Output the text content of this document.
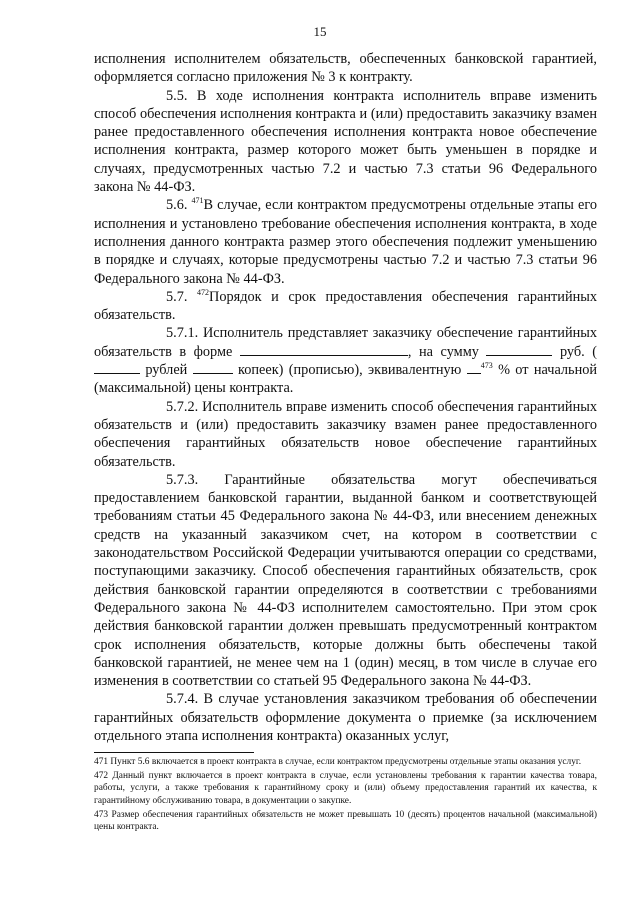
15

исполнения исполнителем обязательств, обеспеченных банковской гарантией, оформляется согласно приложения № 3 к контракту.

5.5. В ходе исполнения контракта исполнитель вправе изменить способ обеспечения исполнения контракта и (или) предоставить заказчику взамен ранее предоставленного обеспечения исполнения контракта новое обеспечение исполнения контракта, размер которого может быть уменьшен в порядке и случаях, предусмотренных частью 7.2 и частью 7.3 статьи 96 Федерального закона № 44-ФЗ.

5.6. $^{471}$В случае, если контрактом предусмотрены отдельные этапы его исполнения и установлено требование обеспечения исполнения контракта, в ходе исполнения данного контракта размер этого обеспечения подлежит уменьшению в порядке и случаях, которые предусмотрены частью 7.2 и частью 7.3 статьи 96 Федерального закона № 44-ФЗ.

5.7. $^{472}$Порядок и срок предоставления обеспечения гарантийных обязательств.

5.7.1. Исполнитель представляет заказчику обеспечение гарантийных обязательств в форме	, на сумму	руб. ( рублей	копеек) (прописью), эквивалентную $^{473}$ % от начальной (максимальной) цены контракта.

5.7.2. Исполнитель вправе изменить способ обеспечения гарантийных обязательств и (или) предоставить заказчику взамен ранее предоставленного обеспечения гарантийных обязательств новое обеспечение гарантийных обязательств.

5.7.3. Гарантийные обязательства могут обеспечиваться предоставлением банковской гарантии, выданной банком и соответствующей требованиям статьи 45 Федерального закона № 44-ФЗ, или внесением денежных средств на указанный заказчиком счет, на котором в соответствии с законодательством Российской Федерации учитываются операции со средствами, поступающими заказчику. Способ обеспечения гарантийных обязательств, срок действия банковской гарантии определяются в соответствии с требованиями Федерального закона № 44-ФЗ исполнителем самостоятельно. При этом срок действия банковской гарантии должен превышать предусмотренный контрактом срок исполнения обязательств, которые должны быть обеспечены такой банковской гарантией, не менее чем на 1 (один) месяц, в том числе в случае его изменения в соответствии со статьей 95 Федерального закона № 44-ФЗ.

5.7.4. В случае установления заказчиком требования об обеспечении гарантийных обязательств оформление документа о приемке (за исключением отдельного этапа исполнения контракта) оказанных услуг,

471 Пункт 5.6 включается в проект контракта в случае, если контрактом предусмотрены отдельные этапы оказания услуг.

472 Данный пункт включается в проект контракта в случае, если установлены требования к гарантии качества товара, работы, услуги, а также требования к гарантийному сроку и (или) объему предоставления гарантий их качества, к гарантийному обслуживанию товара, в документации о закупке.

473 Размер обеспечения гарантийных обязательств не может превышать 10 (десять) процентов начальной (максимальной) цены контракта.
